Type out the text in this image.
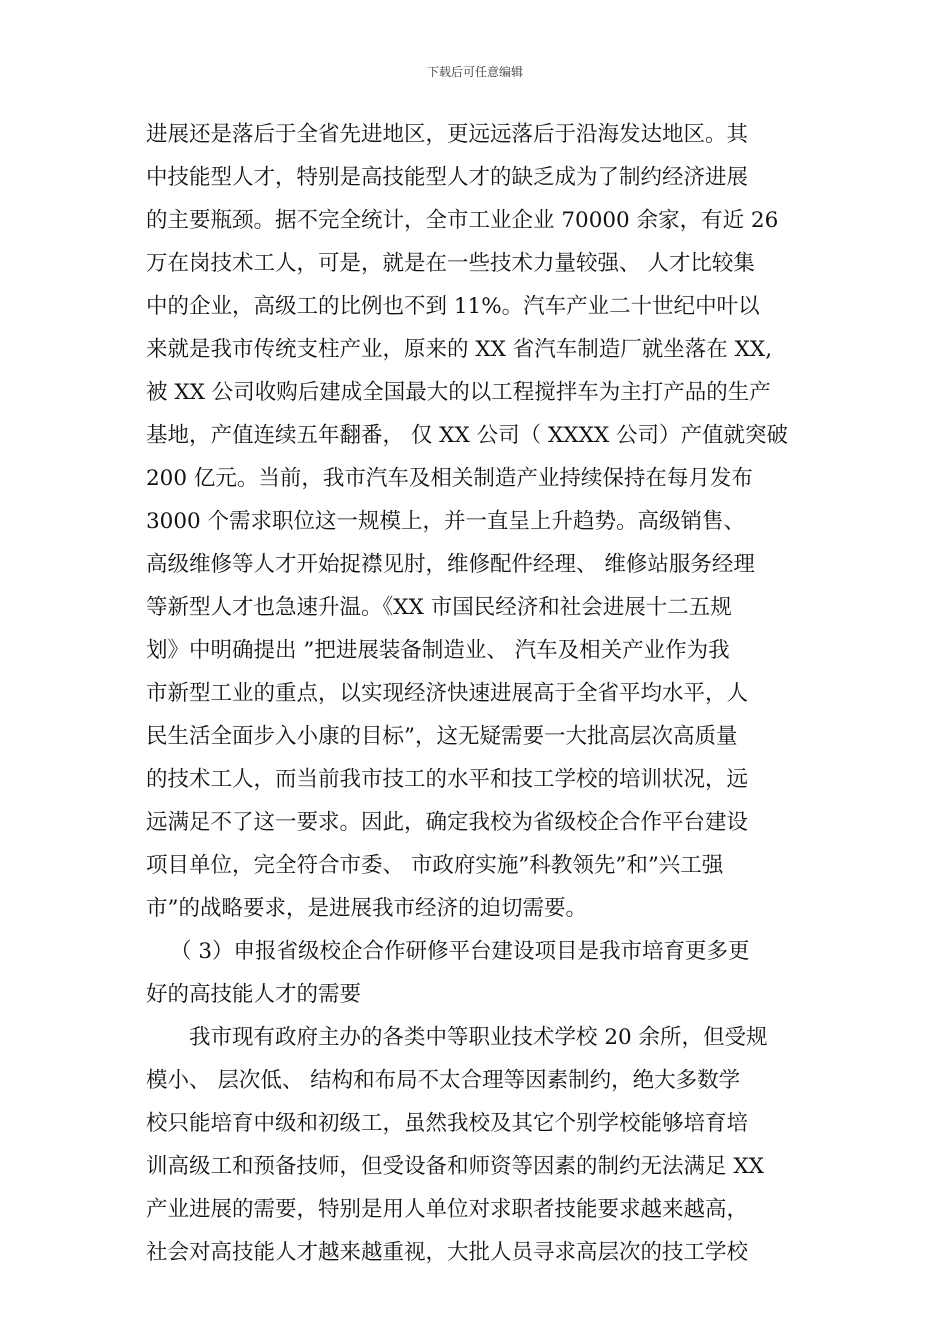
下载后可任意编辑
进展还是落后于全省先进地区，更远远落后于沿海发达地区。其
中技能型人才，特别是高技能型人才的缺乏成为了制约经济进展
的主要瓶颈。据不完全统计，全市工业企业 70000 余家，有近 26
万在岗技术工人，可是，就是在一些技术力量较强、 人才比较集
中的企业，高级工的比例也不到 11%。汽车产业二十世纪中叶以
来就是我市传统支柱产业，原来的 XX 省汽车制造厂就坐落在 XX,
被 XX 公司收购后建成全国最大的以工程搅拌车为主打产品的生产
基地，产值连续五年翻番， 仅 XX 公司（ XXXX 公司）产值就突破
200 亿元。当前，我市汽车及相关制造产业持续保持在每月发布
3000 个需求职位这一规模上，并一直呈上升趋势。高级销售、
高级维修等人才开始捉襟见肘，维修配件经理、 维修站服务经理
等新型人才也急速升温。《XX 市国民经济和社会进展十二五规
划》中明确提出 ”把进展装备制造业、 汽车及相关产业作为我
市新型工业的重点，以实现经济快速进展高于全省平均水平，人
民生活全面步入小康的目标”，这无疑需要一大批高层次高质量
的技术工人，而当前我市技工的水平和技工学校的培训状况，远
远满足不了这一要求。因此，确定我校为省级校企合作平台建设
项目单位，完全符合市委、 市政府实施”科教领先”和”兴工强
市”的战略要求，是进展我市经济的迫切需要。
（ 3）申报省级校企合作研修平台建设项目是我市培育更多更
好的高技能人才的需要
我市现有政府主办的各类中等职业技术学校 20 余所，但受规
模小、 层次低、 结构和布局不太合理等因素制约，绝大多数学
校只能培育中级和初级工，虽然我校及其它个别学校能够培育培
训高级工和预备技师，但受设备和师资等因素的制约无法满足 XX
产业进展的需要，特别是用人单位对求职者技能要求越来越高，
社会对高技能人才越来越重视，大批人员寻求高层次的技工学校
